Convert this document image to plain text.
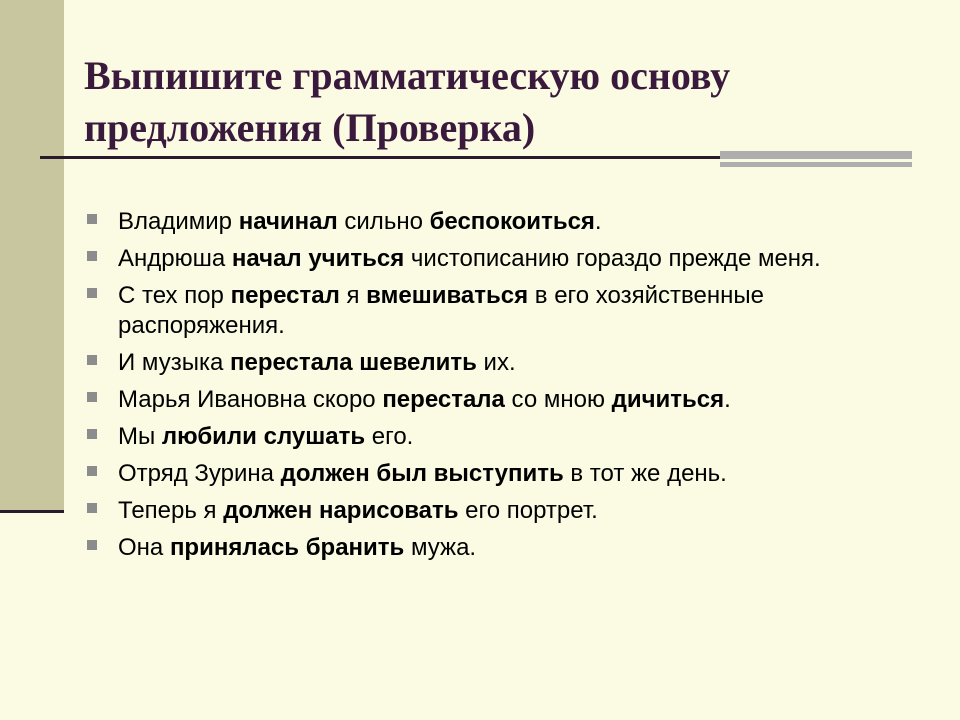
Выпишите грамматическую основу предложения (Проверка)
Владимир начинал сильно беспокоиться.
Андрюша начал учиться чистописанию гораздо прежде меня.
С тех пор перестал я вмешиваться в его хозяйственные распоряжения.
И музыка перестала шевелить их.
Марья Ивановна скоро перестала со мною дичиться.
Мы любили слушать его.
Отряд Зурина должен был выступить в тот же день.
Теперь я должен нарисовать его портрет.
Она принялась бранить мужа.
